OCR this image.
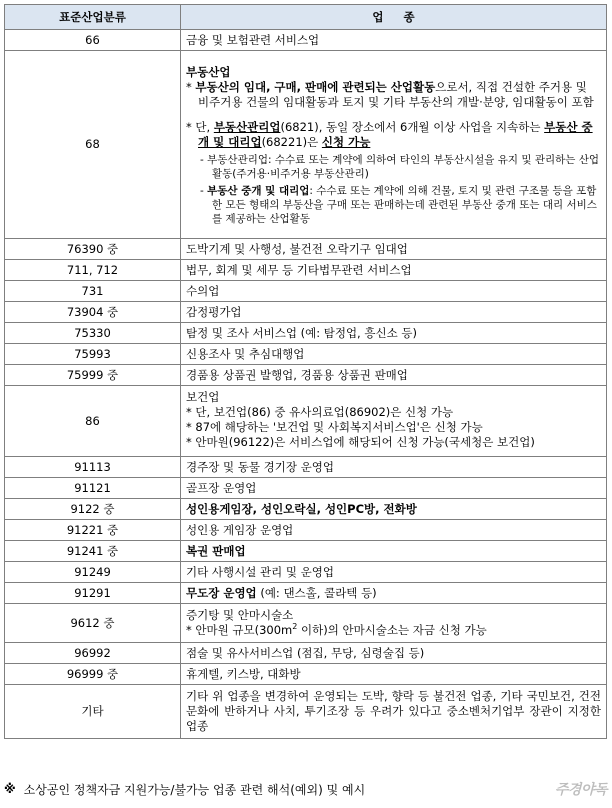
표준산업분류	업     종
66	금융 및 보험관련 서비스업
68	부동산업
* 부동산의 임대, 구매, 판매에 관련되는 산업활동으로서, 직접 건설한 주거용 및 비주거용 건물의 임대활동과 토지 및 기타 부동산의 개발·분양, 임대활동이 포함
* 단, 부동산관리업(6821), 동일 장소에서 6개월 이상 사업을 지속하는 부동산 중개 및 대리업(68221)은 신청 가능
- 부동산관리업: 수수료 또는 계약에 의하여 타인의 부동산시설을 유지 및 관리하는 산업활동(주거용·비주거용 부동산관리)
- 부동산 중개 및 대리업: 수수료 또는 계약에 의해 건물, 토지 및 관련 구조물 등을 포함한 모든 형태의 부동산을 구매 또는 판매하는데 관련된 부동산 중개 또는 대리 서비스를 제공하는 산업활동

76390 중	도박기계 및 사행성, 불건전 오락기구 임대업
711, 712	법무, 회계 및 세무 등 기타법무관련 서비스업
731	수의업
73904 중	감정평가업
75330	탐정 및 조사 서비스업 (예: 탐정업, 흥신소 등)
75993	신용조사 및 추심대행업
75999 중	경품용 상품권 발행업, 경품용 상품권 판매업
86	보건업
* 단, 보건업(86) 중 유사의료업(86902)은 신청 가능
* 87에 해당하는 '보건업 및 사회복지서비스업'은 신청 가능
* 안마원(96122)은 서비스업에 해당되어 신청 가능(국세청은 보건업)

91113	경주장 및 동물 경기장 운영업
91121	골프장 운영업
9122 중	성인용게임장, 성인오락실, 성인PC방, 전화방
91221 중	성인용 게임장 운영업
91241 중	복권 판매업
91249	기타 사행시설 관리 및 운영업
91291	무도장 운영업 (예: 댄스홀, 콜라텍 등)
9612 중	증기탕 및 안마시술소
* 안마원 규모($300m^2$ 이하)의 안마시술소는 자금 신청 가능

96992	점술 및 유사서비스업 (점집, 무당, 심령술집 등)
96999 중	휴게텔, 키스방, 대화방
기타	기타 위 업종을 변경하여 운영되는 도박, 향락 등 불건전 업종, 기타 국민보건, 건전문화에 반하거나 사치, 투기조장 등 우려가 있다고 중소벤처기업부 장관이 지정한 업종
※ 소상공인 정책자금 지원가능/불가능 업종 관련 해석(예외) 및 예시	주경야독
